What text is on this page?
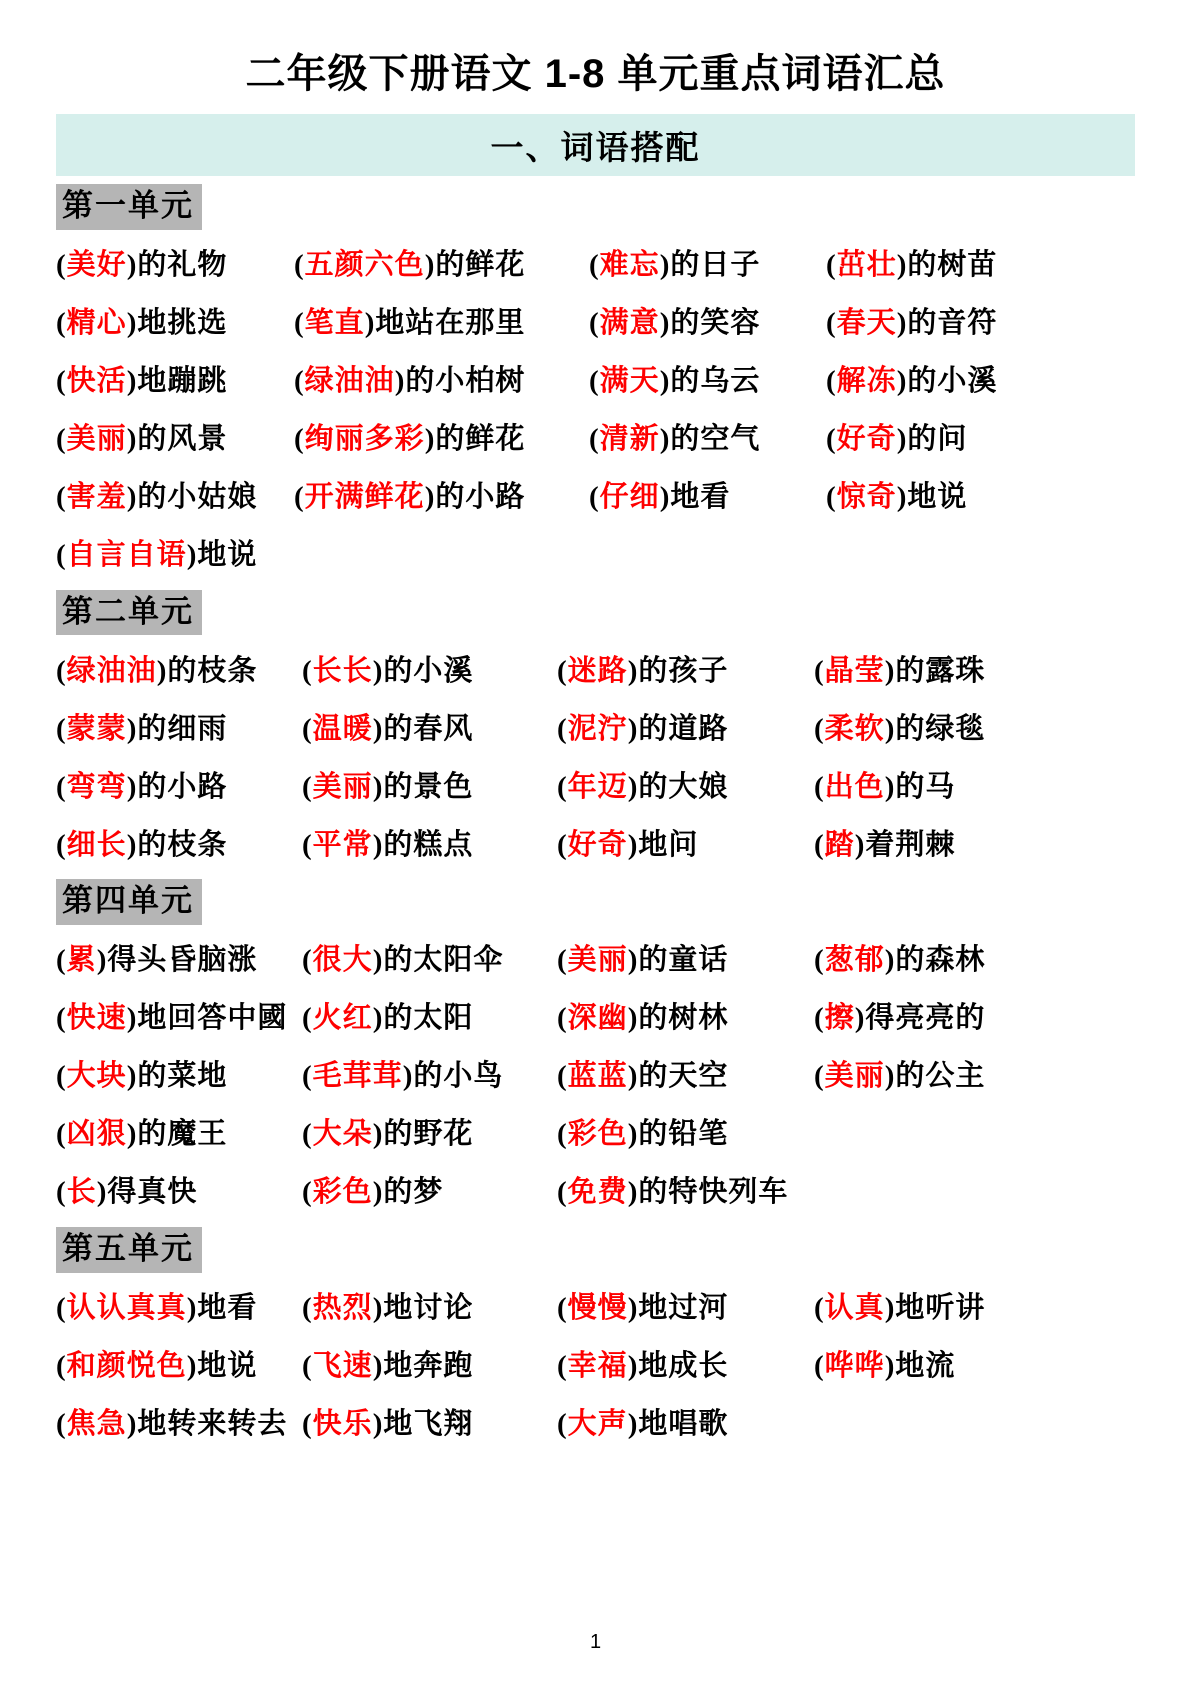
二年级下册语文 1-8 单元重点词语汇总
一、词语搭配
第一单元
(美好)的礼物	(五颜六色)的鲜花	(难忘)的日子	(茁壮)的树苗
(精心)地挑选	(笔直)地站在那里	(满意)的笑容	(春天)的音符
(快活)地蹦跳	(绿油油)的小柏树	(满天)的乌云	(解冻)的小溪
(美丽)的风景	(绚丽多彩)的鲜花	(清新)的空气	(好奇)的问
(害羞)的小姑娘	(开满鲜花)的小路	(仔细)地看	(惊奇)地说
(自言自语)地说
第二单元
(绿油油)的枝条	(长长)的小溪	(迷路)的孩子	(晶莹)的露珠
(蒙蒙)的细雨	(温暖)的春风	(泥泞)的道路	(柔软)的绿毯
(弯弯)的小路	(美丽)的景色	(年迈)的大娘	(出色)的马
(细长)的枝条	(平常)的糕点	(好奇)地问	(踏)着荆棘
第四单元
(累)得头昏脑涨	(很大)的太阳伞	(美丽)的童话	(葱郁)的森林
(快速)地回答中國 (火红)的太阳	(深幽)的树林	(擦)得亮亮的
(大块)的菜地	(毛茸茸)的小鸟	(蓝蓝)的天空	(美丽)的公主
(凶狠)的魔王	(大朵)的野花	(彩色)的铅笔
(长)得真快	(彩色)的梦	(免费)的特快列车
第五单元
(认认真真)地看	(热烈)地讨论	(慢慢)地过河	(认真)地听讲
(和颜悦色)地说	(飞速)地奔跑	(幸福)地成长	(哗哗)地流
(焦急)地转来转去 (快乐)地飞翔	(大声)地唱歌
1
